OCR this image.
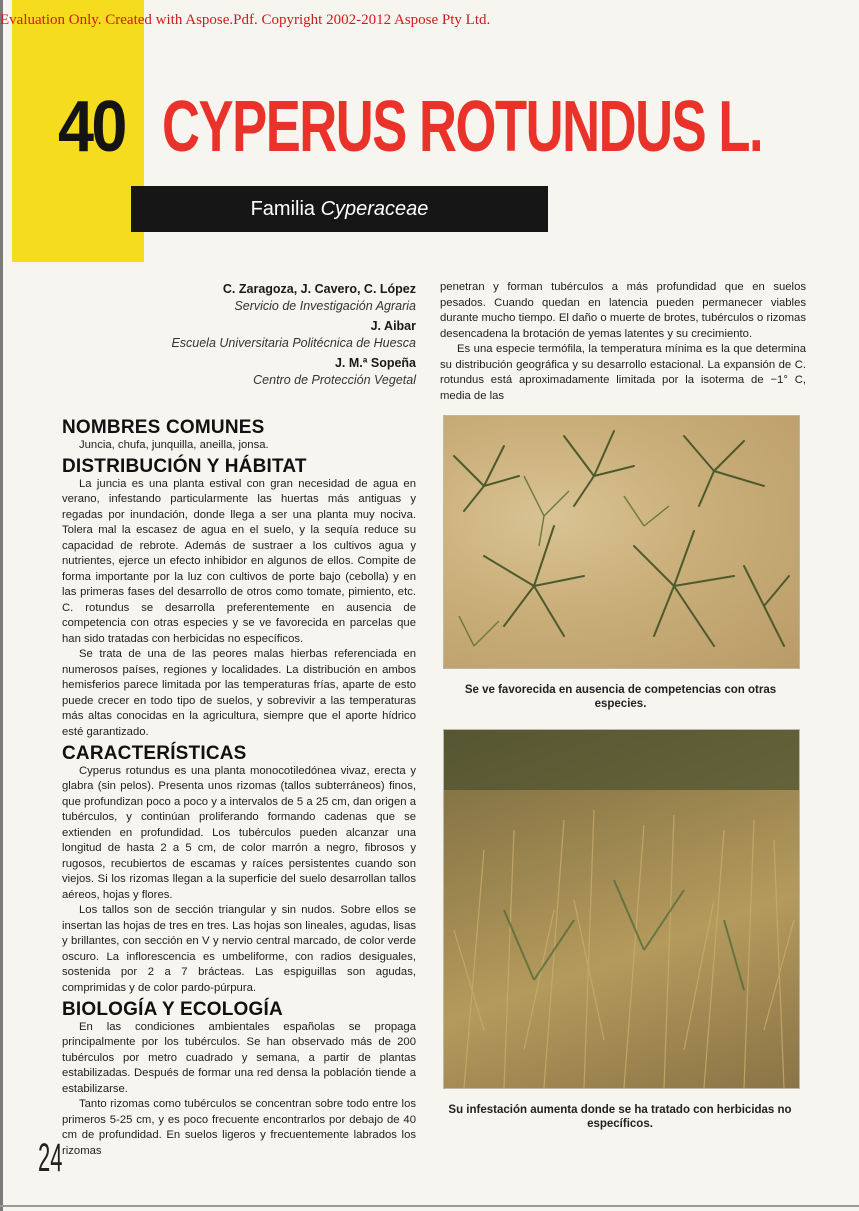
Evaluation Only. Created with Aspose.Pdf. Copyright 2002-2012 Aspose Pty Ltd.
40 CYPERUS ROTUNDUS L.
Familia Cyperaceae
C. Zaragoza, J. Cavero, C. López
Servicio de Investigación Agraria
J. Aibar
Escuela Universitaria Politécnica de Huesca
J. M.ª Sopeña
Centro de Protección Vegetal
NOMBRES COMUNES

Juncia, chufa, junquilla, aneilla, jonsa.

DISTRIBUCIÓN Y HÁBITAT

La juncia es una planta estival con gran necesidad de agua en verano, infestando particularmente las huertas más antiguas y regadas por inundación, donde llega a ser una planta muy nociva. Tolera mal la escasez de agua en el suelo, y la sequía reduce su capacidad de rebrote. Además de sustraer a los cultivos agua y nutrientes, ejerce un efecto inhibidor en algunos de ellos. Compite de forma importante por la luz con cultivos de porte bajo (cebolla) y en las primeras fases del desarrollo de otros como tomate, pimiento, etc. C. rotundus se desarrolla preferentemente en ausencia de competencia con otras especies y se ve favorecida en parcelas que han sido tratadas con herbicidas no específicos.

Se trata de una de las peores malas hierbas referenciada en numerosos países, regiones y localidades. La distribución en ambos hemisferios parece limitada por las temperaturas frías, aparte de esto puede crecer en todo tipo de suelos, y sobrevivir a las temperaturas más altas conocidas en la agricultura, siempre que el aporte hídrico esté garantizado.

CARACTERÍSTICAS

Cyperus rotundus es una planta monocotiledónea vivaz, erecta y glabra (sin pelos). Presenta unos rizomas (tallos subterráneos) finos, que profundizan poco a poco y a intervalos de 5 a 25 cm, dan origen a tubérculos, y continúan proliferando formando cadenas que se extienden en profundidad. Los tubérculos pueden alcanzar una longitud de hasta 2 a 5 cm, de color marrón a negro, fibrosos y rugosos, recubiertos de escamas y raíces persistentes cuando son viejos. Si los rizomas llegan a la superficie del suelo desarrollan tallos aéreos, hojas y flores.

Los tallos son de sección triangular y sin nudos. Sobre ellos se insertan las hojas de tres en tres. Las hojas son lineales, agudas, lisas y brillantes, con sección en V y nervio central marcado, de color verde oscuro. La inflorescencia es umbeliforme, con radios desiguales, sostenida por 2 a 7 brácteas. Las espiguillas son agudas, comprimidas y de color pardo-púrpura.

BIOLOGÍA Y ECOLOGÍA

En las condiciones ambientales españolas se propaga principalmente por los tubérculos. Se han observado más de 200 tubérculos por metro cuadrado y semana, a partir de plantas estabilizadas. Después de formar una red densa la población tiende a estabilizarse.

Tanto rizomas como tubérculos se concentran sobre todo entre los primeros 5-25 cm, y es poco frecuente encontrarlos por debajo de 40 cm de profundidad. En suelos ligeros y frecuentemente labrados los rizomas

penetran y forman tubérculos a más profundidad que en suelos pesados. Cuando quedan en latencia pueden permanecer viables durante mucho tiempo. El daño o muerte de brotes, tubérculos o rizomas desencadena la brotación de yemas latentes y su crecimiento.

Es una especie termófila, la temperatura mínima es la que determina su distribución geográfica y su desarrollo estacional. La expansión de C. rotundus está aproximadamente limitada por la isoterma de −1° C, media de las

Se ve favorecida en ausencia de competencias con otras especies.
Su infestación aumenta donde se ha tratado con herbicidas no específicos.
24
